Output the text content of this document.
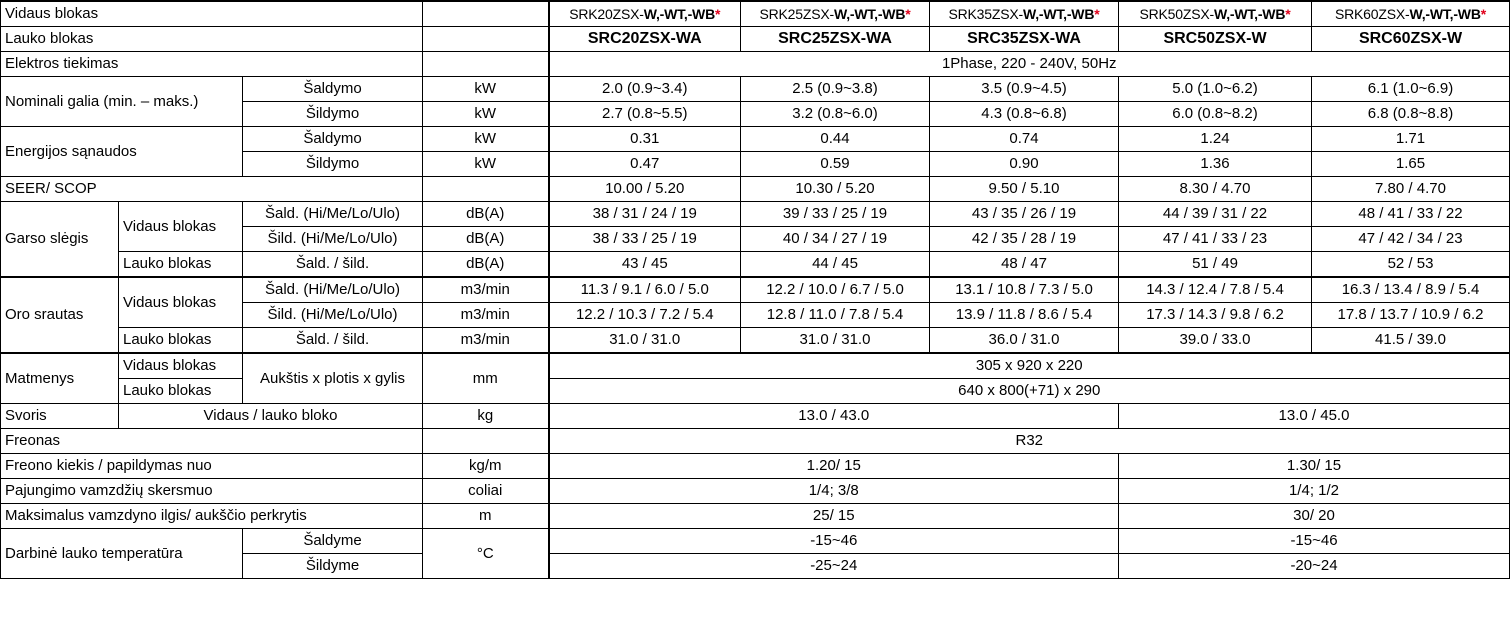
Vidaus blokas				SRK20ZSX-W,-WT,-WB*	SRK25ZSX-W,-WT,-WB*	SRK35ZSX-W,-WT,-WB*	SRK50ZSX-W,-WT,-WB*	SRK60ZSX-W,-WT,-WB*
Lauko blokas				SRC20ZSX-WA	SRC25ZSX-WA	SRC35ZSX-WA	SRC50ZSX-W	SRC60ZSX-W
Elektros tiekimas				1Phase, 220 - 240V, 50Hz				
Nominali galia (min. – maks.)		Šaldymo	kW	2.0 (0.9~3.4)	2.5 (0.9~3.8)	3.5 (0.9~4.5)	5.0 (1.0~6.2)	6.1 (1.0~6.9)
		Šildymo	kW	2.7 (0.8~5.5)	3.2 (0.8~6.0)	4.3 (0.8~6.8)	6.0 (0.8~8.2)	6.8 (0.8~8.8)
Energijos sąnaudos		Šaldymo	kW	0.31	0.44	0.74	1.24	1.71
		Šildymo	kW	0.47	0.59	0.90	1.36	1.65
SEER/ SCOP				10.00 / 5.20	10.30 / 5.20	9.50 / 5.10	8.30 / 4.70	7.80 / 4.70
Garso slėgis	Vidaus blokas	Šald. (Hi/Me/Lo/Ulo)	dB(A)	38 / 31 / 24 / 19	39 / 33 / 25 / 19	43 / 35 / 26 / 19	44 / 39 / 31 / 22	48 / 41 / 33 / 22
		Šild. (Hi/Me/Lo/Ulo)	dB(A)	38 / 33 / 25 / 19	40 / 34 / 27 / 19	42 / 35 / 28 / 19	47 / 41 / 33 / 23	47 / 42 / 34 / 23
	Lauko blokas	Šald. / šild.	dB(A)	43 / 45	44 / 45	48 / 47	51 / 49	52 / 53
Oro srautas	Vidaus blokas	Šald. (Hi/Me/Lo/Ulo)	m3/min	11.3 / 9.1 / 6.0 / 5.0	12.2 / 10.0 / 6.7 / 5.0	13.1 / 10.8 / 7.3 / 5.0	14.3 / 12.4 / 7.8 / 5.4	16.3 / 13.4 / 8.9 / 5.4
		Šild. (Hi/Me/Lo/Ulo)	m3/min	12.2 / 10.3 / 7.2 / 5.4	12.8 / 11.0 / 7.8 / 5.4	13.9 / 11.8 / 8.6 / 5.4	17.3 / 14.3 / 9.8 / 6.2	17.8 / 13.7 / 10.9 / 6.2
	Lauko blokas	Šald. / šild.	m3/min	31.0 / 31.0	31.0 / 31.0	36.0 / 31.0	39.0 / 33.0	41.5 / 39.0
Matmenys	Vidaus blokas	Aukštis x plotis x gylis	mm	305 x 920 x 220				
	Lauko blokas			640 x 800(+71) x 290				
Svoris	Vidaus / lauko bloko		kg	13.0 / 43.0			13.0 / 45.0	
Freonas				R32				
Freono kiekis / papildymas nuo			kg/m	1.20/ 15			1.30/ 15	
Pajungimo vamzdžių skersmuo			coliai	1/4; 3/8			1/4; 1/2	
Maksimalus vamzdyno ilgis/ aukščio perkrytis			m	25/ 15			30/ 20	
Darbinė lauko temperatūra		Šaldyme	°C	-15~46			-15~46	
		Šildyme		-25~24			-20~24	
